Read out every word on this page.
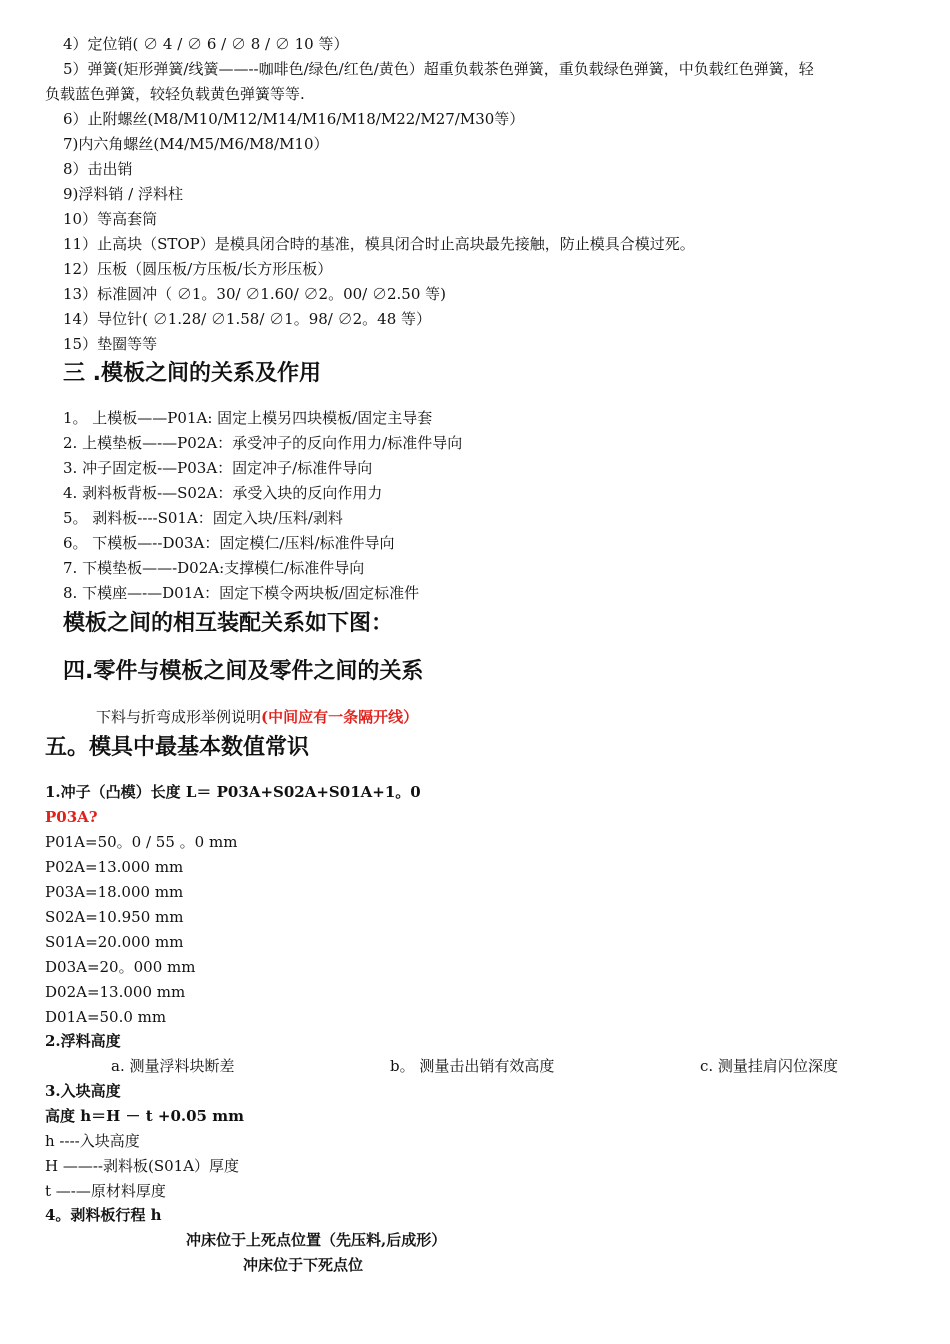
4）定位销( ∅ 4 / ∅ 6 / ∅ 8 / ∅ 10 等）
5）弹簧(矩形弹簧/线簧——--咖啡色/绿色/红色/黄色）超重负载茶色弹簧，重负载绿色弹簧，中负载红色弹簧，轻
负载蓝色弹簧，较轻负载黄色弹簧等等.
6）止附螺丝(M8/M10/M12/M14/M16/M18/M22/M27/M30等）
7)内六角螺丝(M4/M5/M6/M8/M10）
8）击出销
9)浮料销 / 浮料柱
10）等高套筒
11）止高块（STOP）是模具闭合時的基准，模具闭合时止高块最先接触，防止模具合模过死。
12）压板（圆压板/方压板/长方形压板）
13）标准圆冲（ ∅1。30/ ∅1.60/ ∅2。00/ ∅2.50 等)
14）导位针( ∅1.28/ ∅1.58/ ∅1。98/ ∅2。48 等）
15）垫圈等等
三 .模板之间的关系及作用
1。 上模板——P01A: 固定上模另四块模板/固定主导套
2. 上模垫板—-—P02A：承受冲子的反向作用力/标准件导向
3. 冲子固定板-—P03A：固定冲子/标准件导向
4. 剥料板背板-—S02A：承受入块的反向作用力
5。 剥料板----S01A：固定入块/压料/剥料
6。 下模板—--D03A：固定模仁/压料/标准件导向
7. 下模垫板——-D02A:支撑模仁/标准件导向
8. 下模座—-—D01A：固定下模令两块板/固定标准件
模板之间的相互装配关系如下图：
四.零件与模板之间及零件之间的关系
下料与折弯成形举例说明(中间应有一条隔开线）
五。模具中最基本数值常识
1.冲子（凸模）长度 L＝ P03A+S02A+S01A+1。0
P03A?
P01A=50。0 / 55 。0 mm
P02A=13.000 mm
P03A=18.000 mm
S02A=10.950 mm
S01A=20.000 mm
D03A=20。000 mm
D02A=13.000 mm
D01A=50.0 mm
2.浮料高度
a. 测量浮料块断差	b。 测量击出销有效高度	c. 测量挂肩闪位深度
3.入块高度
高度 h＝H － t +0.05 mm
h ----入块高度
H ——--剥料板(S01A）厚度
t —-—原材料厚度
4。剥料板行程 h
冲床位于上死点位置（先压料,后成形）
冲床位于下死点位
